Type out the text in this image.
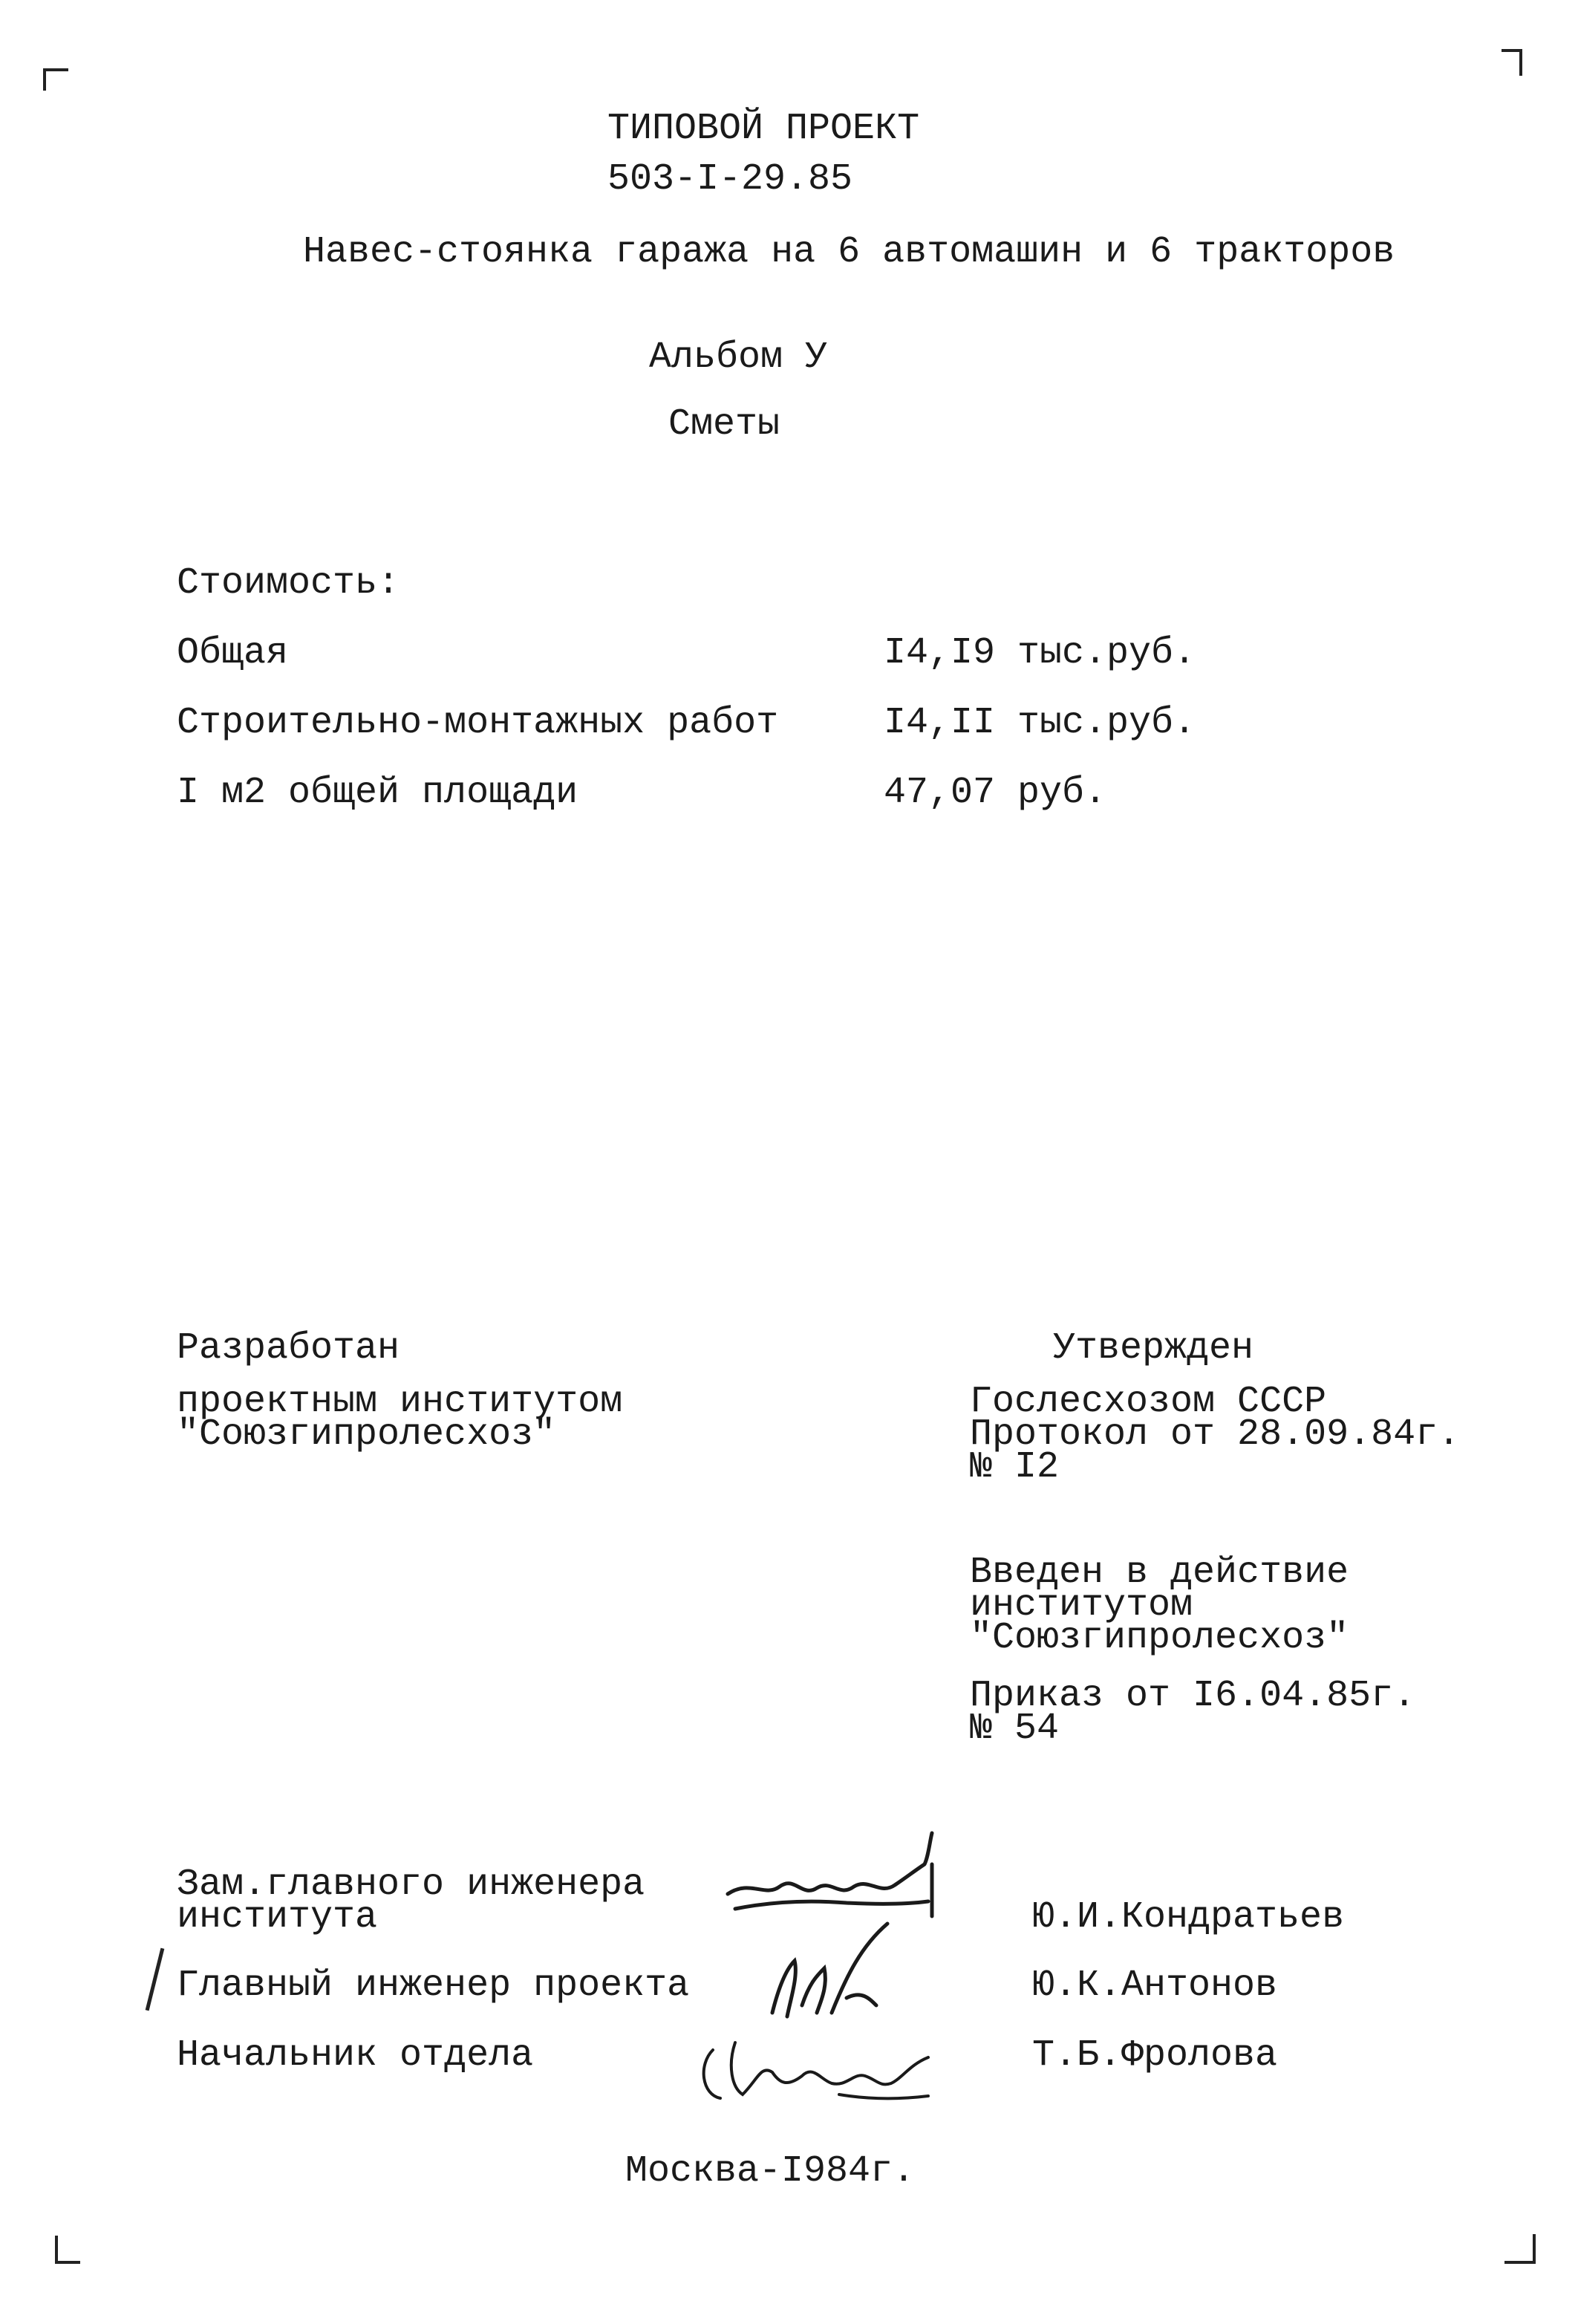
ТИПОВОЙ ПРОЕКТ
503-I-29.85
Навес-стоянка гаража на 6 автомашин и 6 тракторов
Альбом У
Сметы
Стоимость:
Общая	I4,I9 тыс.руб.
Строительно-монтажных работ	I4,II тыс.руб.
I м2 общей площади	47,07 руб.
Разработан
проектным институтом
"Союзгипролесхоз"
Утвержден
Гослесхозом СССР
Протокол от 28.09.84г.
№ I2
Введен в действие
институтом
"Союзгипролесхоз"
Приказ от I6.04.85г.
№ 54
Зам.главного инженера
института	Ю.И.Кондратьев
Главный инженер проекта	Ю.К.Антонов
Начальник отдела	Т.Б.Фролова
Москва-I984г.
